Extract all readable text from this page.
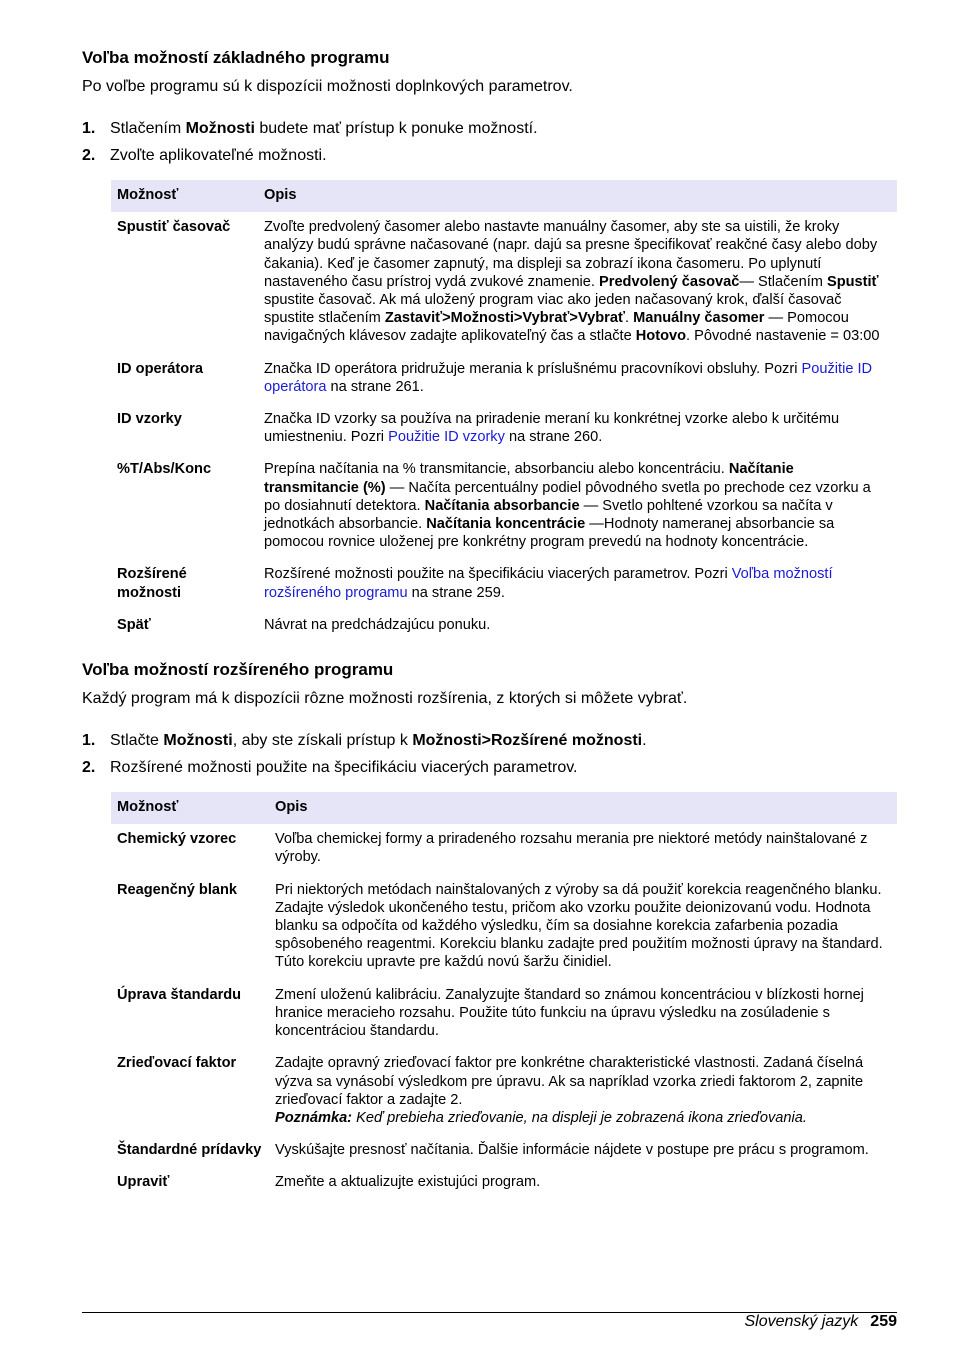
Voľba možností základného programu

Po voľbe programu sú k dispozícii možnosti doplnkových parametrov.

1. Stlačením Možnosti budete mať prístup k ponuke možností.
2. Zvoľte aplikovateľné možnosti.
Možnosť	Opis
Spustiť časovač	Zvoľte predvolený časomer alebo nastavte manuálny časomer, aby ste sa uistili, že kroky analýzy budú správne načasované (napr. dajú sa presne špecifikovať reakčné časy alebo doby čakania). Keď je časomer zapnutý, ma displeji sa zobrazí ikona časomeru. Po uplynutí nastaveného času prístroj vydá zvukové znamenie. Predvolený časovač— Stlačením Spustiť spustite časovač. Ak má uložený program viac ako jeden načasovaný krok, ďalší časovač spustite stlačením Zastaviť>Možnosti>Vybrať>Vybrať. Manuálny časomer — Pomocou navigačných klávesov zadajte aplikovateľný čas a stlačte Hotovo. Pôvodné nastavenie = 03:00
ID operátora	Značka ID operátora pridružuje merania k príslušnému pracovníkovi obsluhy. Pozri Použitie ID operátora na strane 261.
ID vzorky	Značka ID vzorky sa používa na priradenie meraní ku konkrétnej vzorke alebo k určitému umiestneniu. Pozri Použitie ID vzorky na strane 260.
%T/Abs/Konc	Prepína načítania na % transmitancie, absorbanciu alebo koncentráciu. Načítanie transmitancie (%) — Načíta percentuálny podiel pôvodného svetla po prechode cez vzorku a po dosiahnutí detektora. Načítania absorbancie — Svetlo pohltené vzorkou sa načíta v jednotkách absorbancie. Načítania koncentrácie —Hodnoty nameranej absorbancie sa pomocou rovnice uloženej pre konkrétny program prevedú na hodnoty koncentrácie.
Rozšírené možnosti	Rozšírené možnosti použite na špecifikáciu viacerých parametrov. Pozri Voľba možností rozšíreného programu na strane 259.
Späť	Návrat na predchádzajúcu ponuku.
Voľba možností rozšíreného programu

Každý program má k dispozícii rôzne možnosti rozšírenia, z ktorých si môžete vybrať.

1. Stlačte Možnosti, aby ste získali prístup k Možnosti>Rozšírené možnosti.
2. Rozšírené možnosti použite na špecifikáciu viacerých parametrov.
Možnosť	Opis
Chemický vzorec	Voľba chemickej formy a priradeného rozsahu merania pre niektoré metódy nainštalované z výroby.
Reagenčný blank	Pri niektorých metódach nainštalovaných z výroby sa dá použiť korekcia reagenčného blanku. Zadajte výsledok ukončeného testu, pričom ako vzorku použite deionizovanú vodu. Hodnota blanku sa odpočíta od každého výsledku, čím sa dosiahne korekcia zafarbenia pozadia spôsobeného reagentmi. Korekciu blanku zadajte pred použitím možnosti úpravy na štandard. Túto korekciu upravte pre každú novú šaržu činidiel.
Úprava štandardu	Zmení uloženú kalibráciu. Zanalyzujte štandard so známou koncentráciou v blízkosti hornej hranice meracieho rozsahu. Použite túto funkciu na úpravu výsledku na zosúladenie s koncentráciou štandardu.
Zrieďovací faktor	Zadajte opravný zrieďovací faktor pre konkrétne charakteristické vlastnosti. Zadaná číselná výzva sa vynásobí výsledkom pre úpravu. Ak sa napríklad vzorka zriedi faktorom 2, zapnite zrieďovací faktor a zadajte 2.
Poznámka: Keď prebieha zrieďovanie, na displeji je zobrazená ikona zrieďovania.
Štandardné prídavky	Vyskúšajte presnosť načítania. Ďalšie informácie nájdete v postupe pre prácu s programom.
Upraviť	Zmeňte a aktualizujte existujúci program.
Slovenský jazyk 259
